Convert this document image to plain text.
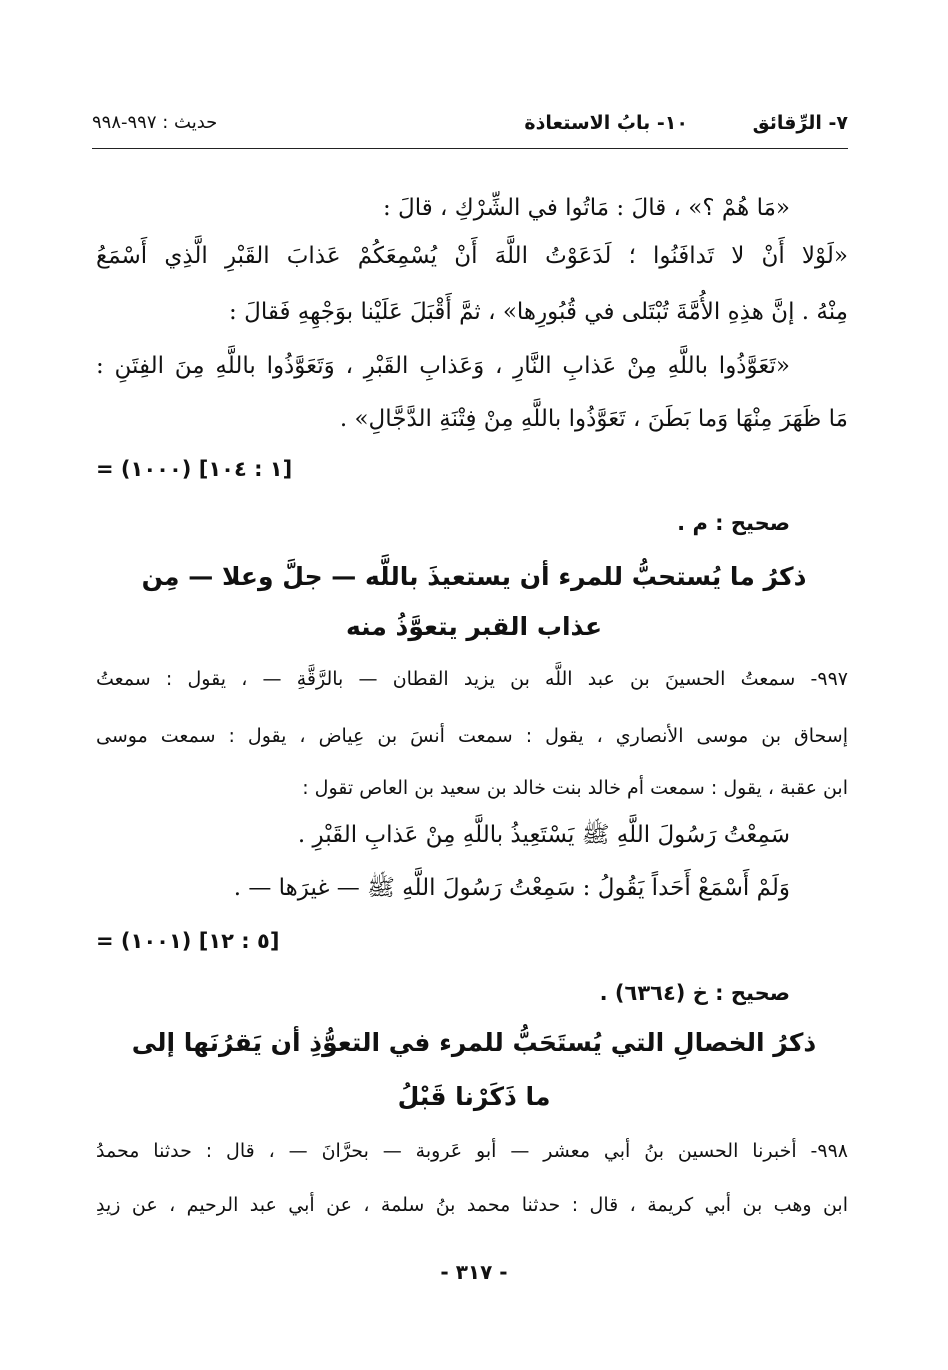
٧- الرِّقائق
١٠- بابُ الاستعاذة
حديث : ٩٩٧-٩٩٨
«مَا هُمْ ؟» ، قالَ : مَاتُوا في الشِّرْكِ ، قالَ :
«لَوْلا أَنْ لا تَدافَنُوا ؛ لَدَعَوْتُ اللَّهَ أَنْ يُسْمِعَكُمْ عَذابَ القَبْرِ الَّذِي أَسْمَعُ
مِنْهُ . إنَّ هذِهِ الأُمَّةَ تُبْتَلى في قُبُورِها» ، ثمَّ أَقْبَلَ عَلَيْنا بوَجْهِهِ فَقالَ :
«تَعَوَّذُوا باللَّهِ مِنْ عَذابِ النَّارِ ، وَعَذابِ القَبْرِ ، وَتَعَوَّذُوا باللَّهِ مِنَ الفِتَنِ :
مَا ظَهَرَ مِنْهَا وَما بَطَنَ ، تَعَوَّذُوا باللَّهِ مِنْ فِتْنَةِ الدَّجَّالِ» .
= (١٠٠٠) [١ : ١٠٤]
صحيح : م .
ذكرُ ما يُستحبُّ للمرء أن يستعيذَ باللَّه — جلَّ وعلا — مِن
عذاب القبر يتعوَّذُ منه
٩٩٧- سمعتُ الحسينَ بن عبد اللَّه بن يزيد القطان — بالرَّقَّةِ — ، يقول : سمعتُ
إسحاق بن موسى الأنصاري ، يقول : سمعت أنسَ بن عِياض ، يقول : سمعت موسى
ابن عقبة ، يقول : سمعت أم خالد بنت خالد بن سعيد بن العاص تقول :
سَمِعْتُ رَسُولَ اللَّهِ ﷺ يَسْتَعِيذُ باللَّهِ مِنْ عَذابِ القَبْرِ .
وَلَمْ أَسْمَعْ أَحَداً يَقُولُ : سَمِعْتُ رَسُولَ اللَّهِ ﷺ — غيرَها — .
= (١٠٠١) [٥ : ١٢]
صحيح : خ (٦٣٦٤) .
ذكرُ الخصالِ التي يُستَحَبُّ للمرء في التعوُّذِ أن يَقرُنَها إلى
ما ذَكَرْنا قَبْلُ
٩٩٨- أخبرنا الحسين بنُ أبي معشر — أبو عَروبة — بحرَّانَ — ، قال : حدثنا محمدُ
ابن وهب بن أبي كريمة ، قال : حدثنا محمد بنُ سلمة ، عن أبي عبد الرحيم ، عن زيدِ
- ٣١٧ -
